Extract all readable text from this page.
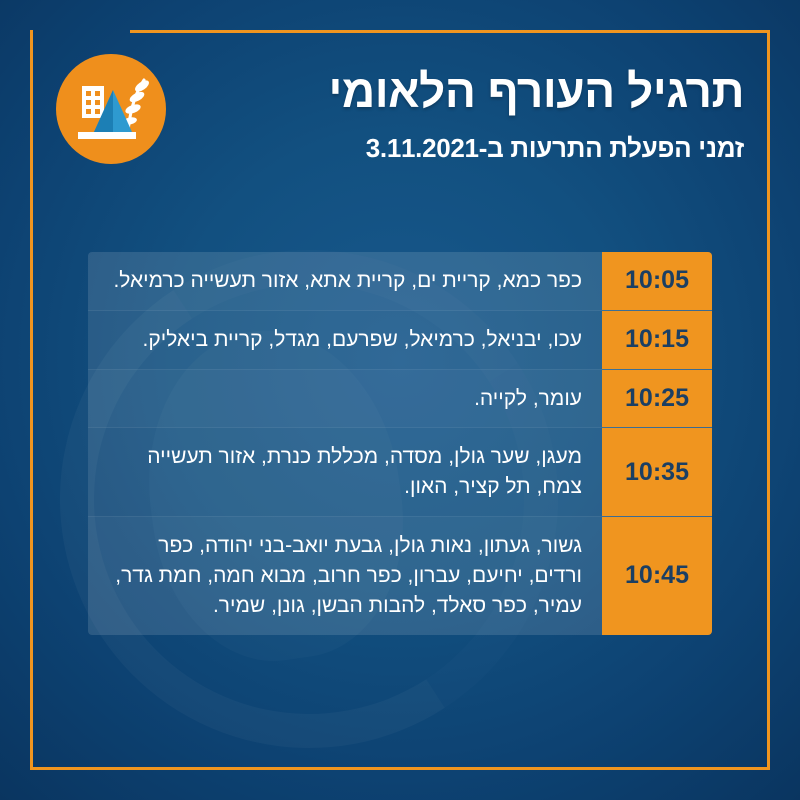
תרגיל העורף הלאומי
זמני הפעלת התרעות ב-3.11.2021
10:05
כפר כמא, קריית ים, קריית אתא, אזור תעשייה כרמיאל.
10:15
עכו, יבניאל, כרמיאל, שפרעם, מגדל, קריית ביאליק.
10:25
עומר, לקייה.
10:35
מעגן, שער גולן, מסדה, מכללת כנרת, אזור תעשייה צמח, תל קציר, האון.
10:45
גשור, געתון, נאות גולן, גבעת יואב-בני יהודה, כפר ורדים, יחיעם, עברון, כפר חרוב, מבוא חמה, חמת גדר, עמיר, כפר סאלד, להבות הבשן, גונן, שמיר.
